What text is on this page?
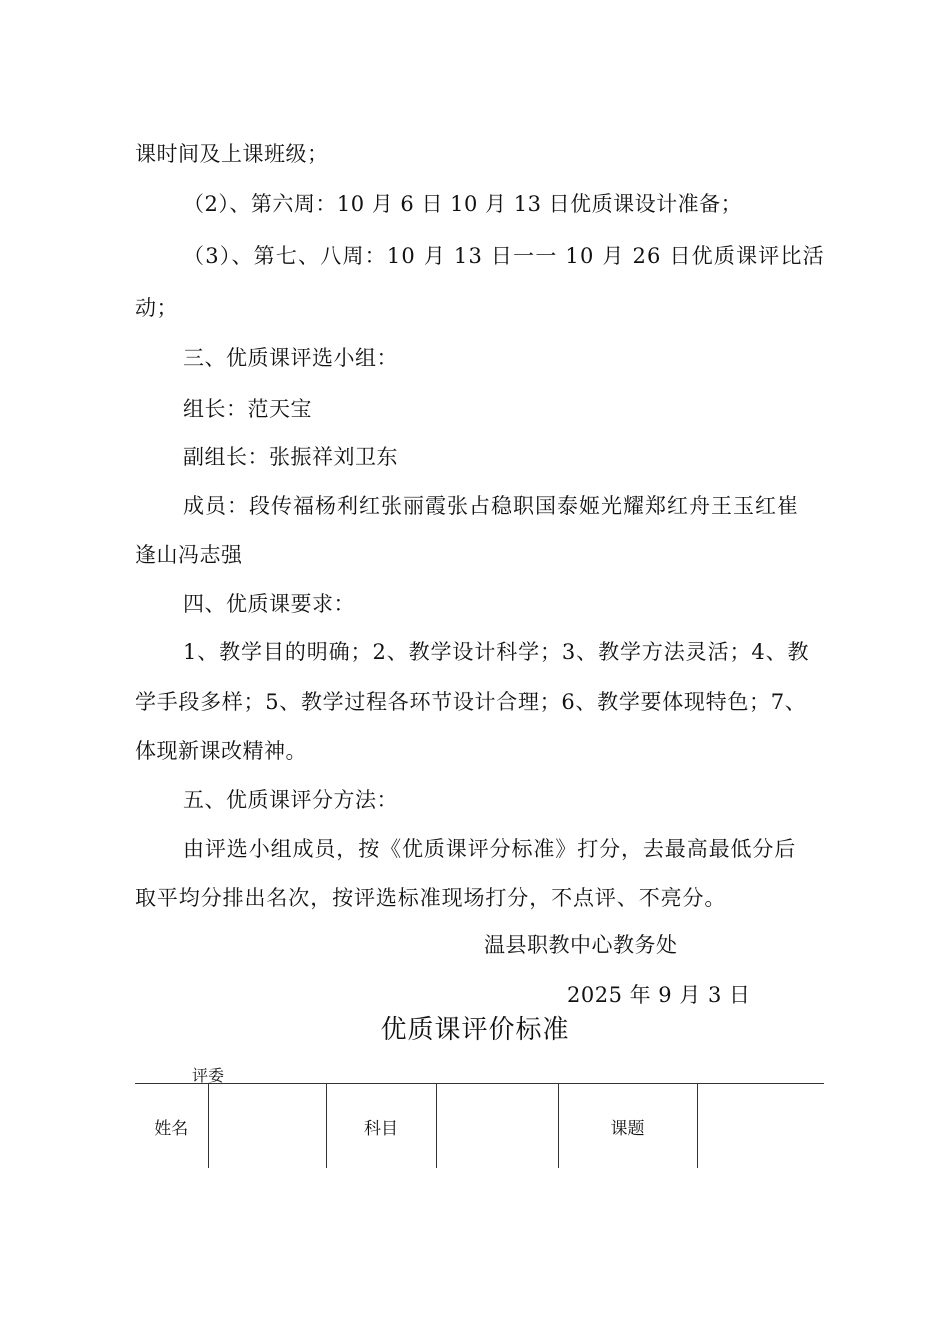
课时间及上课班级；
（2）、第六周：10 月 6 日 10 月 13 日优质课设计准备；
（3）、第七、八周：10 月 13 日一一 10 月 26 日优质课评比活
动；
三、优质课评选小组：
组长：范天宝
副组长：张振祥刘卫东
成员：段传福杨利红张丽霞张占稳职国泰姬光耀郑红舟王玉红崔
逢山冯志强
四、优质课要求：
1、教学目的明确；2、教学设计科学；3、教学方法灵活；4、教
学手段多样；5、教学过程各环节设计合理；6、教学要体现特色；7、
体现新课改精神。
五、优质课评分方法：
由评选小组成员，按《优质课评分标准》打分，去最高最低分后
取平均分排出名次，按评选标准现场打分，不点评、不亮分。
温县职教中心教务处
2025 年 9 月 3 日
优质课评价标准
评委
姓名		科目		课题	
